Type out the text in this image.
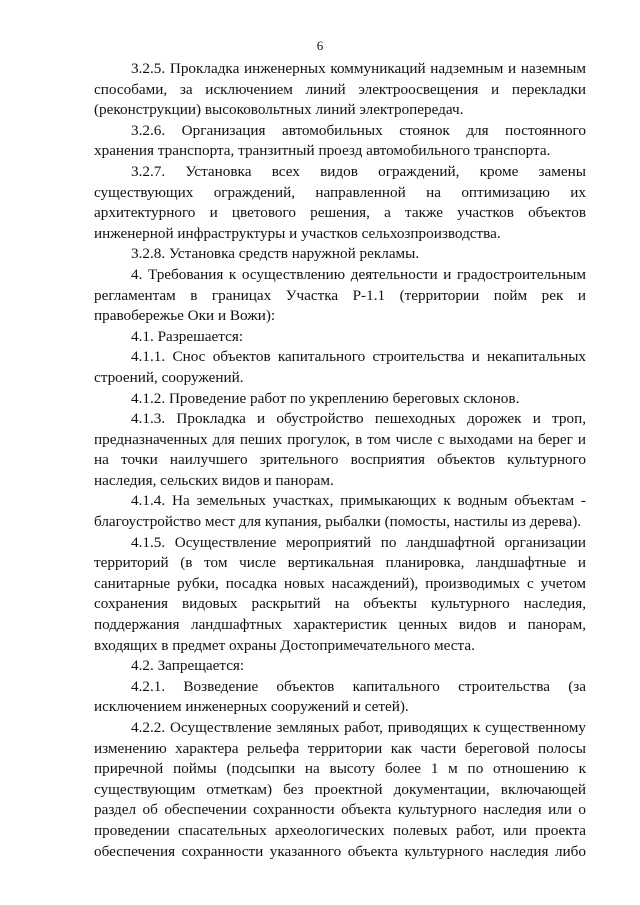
6

3.2.5. Прокладка инженерных коммуникаций надземным и наземным способами, за исключением линий электроосвещения и перекладки (реконструкции) высоковольтных линий электропередач.

3.2.6. Организация автомобильных стоянок для постоянного хранения транспорта, транзитный проезд автомобильного транспорта.

3.2.7. Установка всех видов ограждений, кроме замены существующих ограждений, направленной на оптимизацию их архитектурного и цветового решения, а также участков объектов инженерной инфраструктуры и участков сельхозпроизводства.

3.2.8. Установка средств наружной рекламы.

4. Требования к осуществлению деятельности и градостроительным регламентам в границах Участка Р-1.1 (территории пойм рек и правобережье Оки и Вожи):

4.1. Разрешается:

4.1.1. Снос объектов капитального строительства и некапитальных строений, сооружений.

4.1.2. Проведение работ по укреплению береговых склонов.

4.1.3. Прокладка и обустройство пешеходных дорожек и троп, предназначенных для пеших прогулок, в том числе с выходами на берег и на точки наилучшего зрительного восприятия объектов культурного наследия, сельских видов и панорам.

4.1.4. На земельных участках, примыкающих к водным объектам - благоустройство мест для купания, рыбалки (помосты, настилы из дерева).

4.1.5. Осуществление мероприятий по ландшафтной организации территорий (в том числе вертикальная планировка, ландшафтные и санитарные рубки, посадка новых насаждений), производимых с учетом сохранения видовых раскрытий на объекты культурного наследия, поддержания ландшафтных характеристик ценных видов и панорам, входящих в предмет охраны Достопримечательного места.

4.2. Запрещается:

4.2.1. Возведение объектов капитального строительства (за исключением инженерных сооружений и сетей).

4.2.2. Осуществление земляных работ, приводящих к существенному изменению характера рельефа территории как части береговой полосы приречной поймы (подсыпки на высоту более 1 м по отношению к существующим отметкам) без проектной документации, включающей раздел об обеспечении сохранности объекта культурного наследия или о проведении спасательных археологических полевых работ, или проекта обеспечения сохранности указанного объекта культурного наследия либо
